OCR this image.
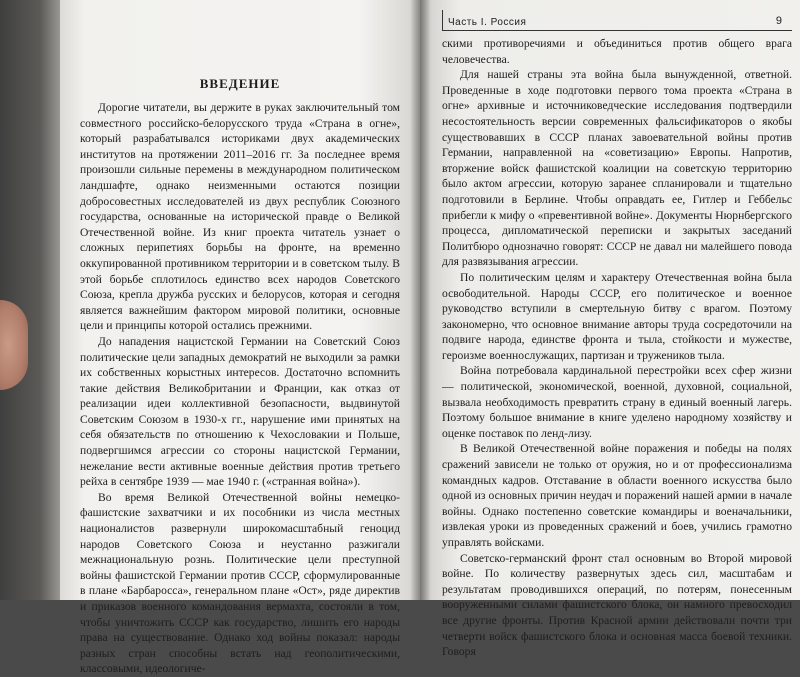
ВВЕДЕНИЕ

Дорогие читатели, вы держите в руках заключительный том совместного российско-белорусского труда «Страна в огне», который разрабатывался историками двух академических институтов на протяжении 2011–2016 гг. За последнее время произошли сильные перемены в международном политическом ландшафте, однако неизменными остаются позиции добросовестных исследователей из двух республик Союзного государства, основанные на исторической правде о Великой Отечественной войне. Из книг проекта читатель узнает о сложных перипетиях борьбы на фронте, на временно оккупированной противником территории и в советском тылу. В этой борьбе сплотилось единство всех народов Советского Союза, крепла дружба русских и белорусов, которая и сегодня является важнейшим фактором мировой политики, основные цели и принципы которой остались прежними.

До нападения нацистской Германии на Советский Союз политические цели западных демократий не выходили за рамки их собственных корыстных интересов. Достаточно вспомнить такие действия Великобритании и Франции, как отказ от реализации идеи коллективной безопасности, выдвинутой Советским Союзом в 1930-х гг., нарушение ими принятых на себя обязательств по отношению к Чехословакии и Польше, подвергшимся агрессии со стороны нацистской Германии, нежелание вести активные военные действия против третьего рейха в сентябре 1939 — мае 1940 г. («странная война»).

Во время Великой Отечественной войны немецко-фашистские захватчики и их пособники из числа местных националистов развернули широкомасштабный геноцид народов Советского Союза и неустанно разжигали межнациональную рознь. Политические цели преступной войны фашистской Германии против СССР, сформулированные в плане «Барбаросса», генеральном плане «Ост», ряде директив и приказов военного командования вермахта, состояли в том, чтобы уничтожить СССР как государство, лишить его народы права на существование. Однако ход войны показал: народы разных стран способны встать над геополитическими, классовыми, идеологиче-

Часть I. Россия	9

скими противоречиями и объединиться против общего врага человечества.

Для нашей страны эта война была вынужденной, ответной. Проведенные в ходе подготовки первого тома проекта «Страна в огне» архивные и источниковедческие исследования подтвердили несостоятельность версии современных фальсификаторов о якобы существовавших в СССР планах завоевательной войны против Германии, направленной на «советизацию» Европы. Напротив, вторжение войск фашистской коалиции на советскую территорию было актом агрессии, которую заранее спланировали и тщательно подготовили в Берлине. Чтобы оправдать ее, Гитлер и Геббельс прибегли к мифу о «превентивной войне». Документы Нюрнбергского процесса, дипломатической переписки и закрытых заседаний Политбюро однозначно говорят: СССР не давал ни малейшего повода для развязывания агрессии.

По политическим целям и характеру Отечественная война была освободительной. Народы СССР, его политическое и военное руководство вступили в смертельную битву с врагом. Поэтому закономерно, что основное внимание авторы труда сосредоточили на подвиге народа, единстве фронта и тыла, стойкости и мужестве, героизме военнослужащих, партизан и тружеников тыла.

Война потребовала кардинальной перестройки всех сфер жизни — политической, экономической, военной, духовной, социальной, вызвала необходимость превратить страну в единый военный лагерь. Поэтому большое внимание в книге уделено народному хозяйству и оценке поставок по ленд-лизу.

В Великой Отечественной войне поражения и победы на полях сражений зависели не только от оружия, но и от профессионализма командных кадров. Отставание в области военного искусства было одной из основных причин неудач и поражений нашей армии в начале войны. Однако постепенно советские командиры и военачальники, извлекая уроки из проведенных сражений и боев, учились грамотно управлять войсками.

Советско-германский фронт стал основным во Второй мировой войне. По количеству развернутых здесь сил, масштабам и результатам проводившихся операций, по потерям, понесенным вооруженными силами фашистского блока, он намного превосходил все другие фронты. Против Красной армии действовали почти три четверти войск фашистского блока и основная масса боевой техники. Говоря
